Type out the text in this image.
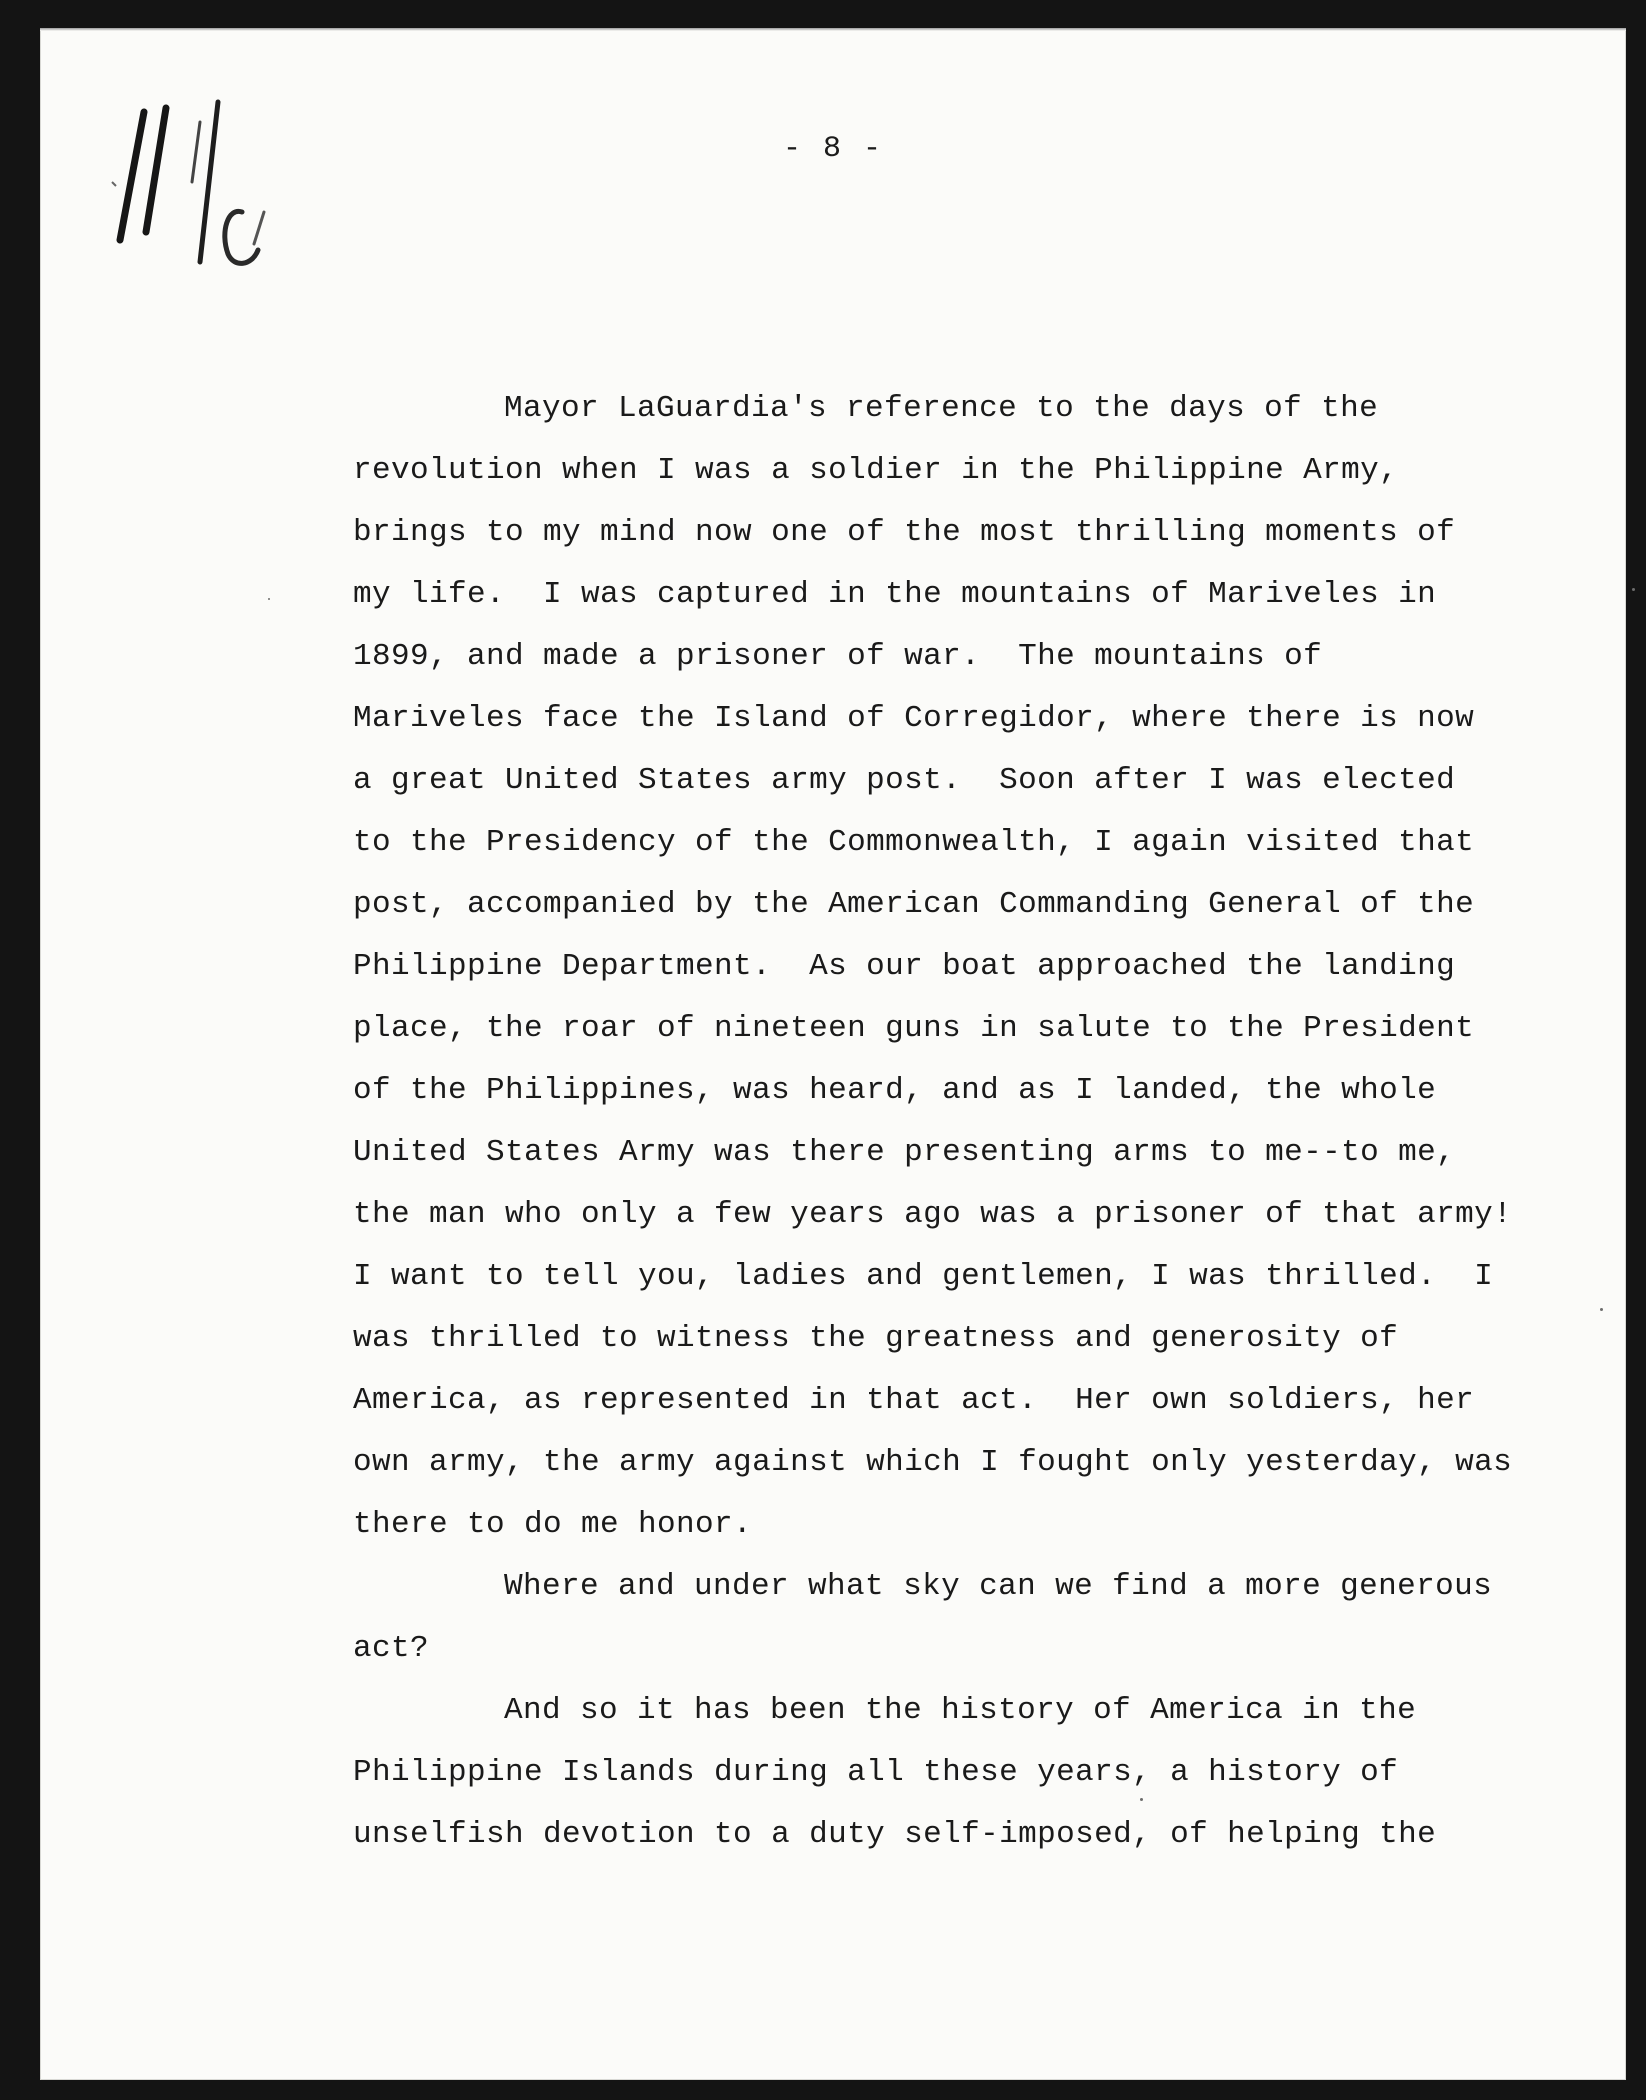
- 8 -
Mayor LaGuardia's reference to the days of the
revolution when I was a soldier in the Philippine Army,
brings to my mind now one of the most thrilling moments of
my life.  I was captured in the mountains of Mariveles in
1899, and made a prisoner of war.  The mountains of
Mariveles face the Island of Corregidor, where there is now
a great United States army post.  Soon after I was elected
to the Presidency of the Commonwealth, I again visited that
post, accompanied by the American Commanding General of the
Philippine Department.  As our boat approached the landing
place, the roar of nineteen guns in salute to the President
of the Philippines, was heard, and as I landed, the whole
United States Army was there presenting arms to me--to me,
the man who only a few years ago was a prisoner of that army!
I want to tell you, ladies and gentlemen, I was thrilled.  I
was thrilled to witness the greatness and generosity of
America, as represented in that act.  Her own soldiers, her
own army, the army against which I fought only yesterday, was
there to do me honor.
Where and under what sky can we find a more generous
act?
And so it has been the history of America in the
Philippine Islands during all these years, a history of
unselfish devotion to a duty self-imposed, of helping the
